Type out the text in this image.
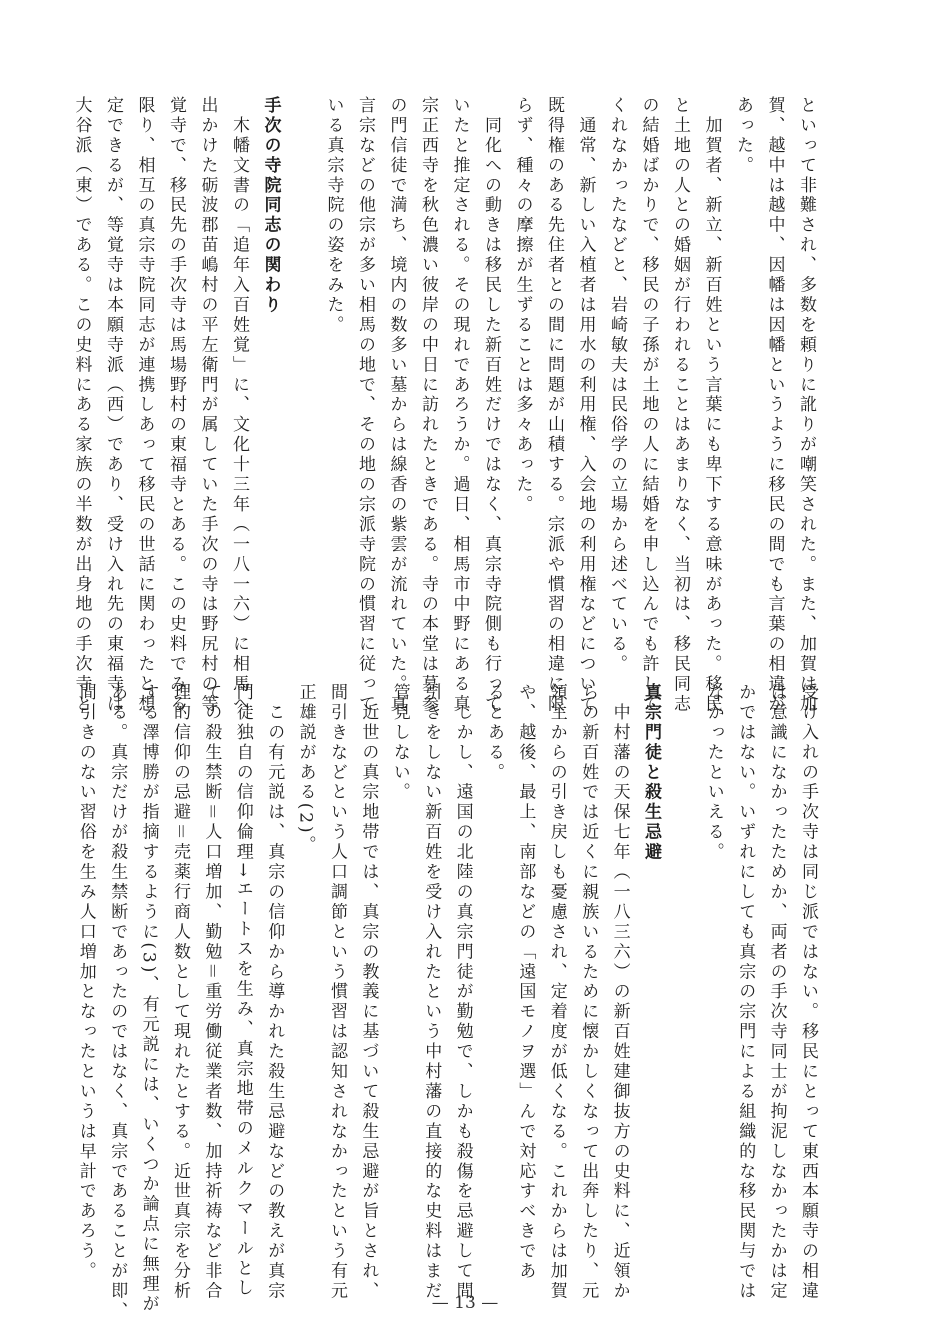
といって非難され、多数を頼りに訛りが嘲笑された。また、加賀は加
賀、越中は越中、因幡は因幡というように移民の間でも言葉の相違が
あった。
　加賀者、新立、新百姓という言葉にも卑下する意味があった。移民
と土地の人との婚姻が行われることはあまりなく、当初は、移民同志
の結婚ばかりで、移民の子孫が土地の人に結婚を申し込んでも許して
くれなかったなどと、岩崎敏夫は民俗学の立場から述べている。
　通常、新しい入植者は用水の利用権、入会地の利用権などについて
既得権のある先住者との間に問題が山積する。宗派や慣習の相違に限
らず、種々の摩擦が生ずることは多々あった。
　同化への動きは移民した新百姓だけではなく、真宗寺院側も行って
いたと推定される。その現れであろうか。過日、相馬市中野にある真
宗正西寺を秋色濃い彼岸の中日に訪れたときである。寺の本堂は墓参
の門信徒で満ち、境内の数多い墓からは線香の紫雲が流れていた。真
言宗などの他宗が多い相馬の地で、その地の宗派寺院の慣習に従って
いる真宗寺院の姿をみた。
手次の寺院同志の関わり
　木幡文書の「追年入百姓覚」に、文化十三年（一八一六）に相馬へ
出かけた砺波郡苗嶋村の平左衛門が属していた手次の寺は野尻村の等
覚寺で、移民先の手次寺は馬場野村の東福寺とある。この史料でみる
限り、相互の真宗寺院同志が連携しあって移民の世話に関わったと想
定できるが、等覚寺は本願寺派（西）であり、受け入れ先の東福寺は
大谷派（東）である。この史料にある家族の半数が出身地の手次寺と
受け入れの手次寺は同じ派ではない。移民にとって東西本願寺の相違
は意識になかったためか、両者の手次寺同士が拘泥しなかったかは定
かではない。いずれにしても真宗の宗門による組織的な移民関与では
なかったといえる。
真宗門徒と殺生忌避
　中村藩の天保七年（一八三六）の新百姓建御抜方の史料に、近領か
らの新百姓では近くに親族いるために懐かしくなって出奔したり、元
領主からの引き戻しも憂慮され、定着度が低くなる。これからは加賀
や、越後、最上、南部などの「遠国モノヲ選」んで対応すべきであ
るとある。
　しかし、遠国の北陸の真宗門徒が勤勉で、しかも殺傷を忌避して間
引きをしない新百姓を受け入れたという中村藩の直接的な史料はまだ
管見しない。
　近世の真宗地帯では、真宗の教義に基づいて殺生忌避が旨とされ、
間引きなどという人口調節という慣習は認知されなかったという有元
正雄説がある(2)。
　この有元説は、真宗の信仰から導かれた殺生忌避などの教えが真宗
門徒独自の信仰倫理→エートスを生み、真宗地帯のメルクマールとし
ての殺生禁断＝人口増加、勤勉＝重労働従業者数、加持祈祷など非合
理的信仰の忌避＝売薬行商人数として現れたとする。近世真宗を分析
する澤博勝が指摘するように(3)、有元説には、いくつか論点に無理が
ある。真宗だけが殺生禁断であったのではなく、真宗であることが即、
間引きのない習俗を生み人口増加となったというは早計であろう。
— 13 —
